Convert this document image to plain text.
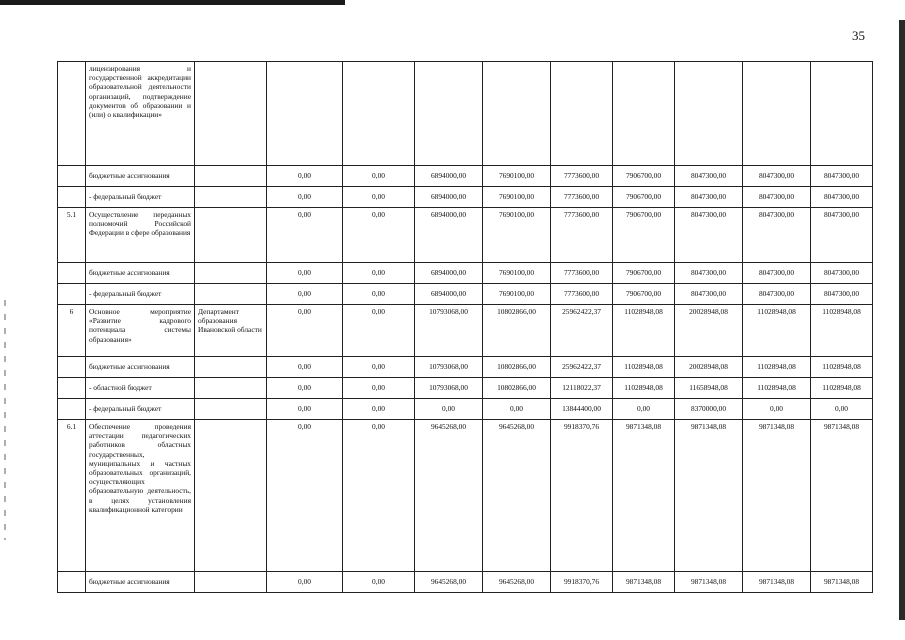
35
	лицензирования и государственной аккредитации образовательной деятельности организаций, подтверждение документов об образовании и (или) о квалификации»										
	бюджетные ассигнования		0,00	0,00	6894000,00	7690100,00	7773600,00	7906700,00	8047300,00	8047300,00	8047300,00
	- федеральный бюджет		0,00	0,00	6894000,00	7690100,00	7773600,00	7906700,00	8047300,00	8047300,00	8047300,00
5.1	Осуществление переданных полномочий Российской Федерации в сфере образования		0,00	0,00	6894000,00	7690100,00	7773600,00	7906700,00	8047300,00	8047300,00	8047300,00
	бюджетные ассигнования		0,00	0,00	6894000,00	7690100,00	7773600,00	7906700,00	8047300,00	8047300,00	8047300,00
	- федеральный бюджет		0,00	0,00	6894000,00	7690100,00	7773600,00	7906700,00	8047300,00	8047300,00	8047300,00
6	Основное мероприятие «Развитие кадрового потенциала системы образования»	Департамент образования Ивановской области	0,00	0,00	10793068,00	10802866,00	25962422,37	11028948,08	20028948,08	11028948,08	11028948,08
	бюджетные ассигнования		0,00	0,00	10793068,00	10802866,00	25962422,37	11028948,08	20028948,08	11028948,08	11028948,08
	- областной бюджет		0,00	0,00	10793068,00	10802866,00	12118022,37	11028948,08	11658948,08	11028948,08	11028948,08
	- федеральный бюджет		0,00	0,00	0,00	0,00	13844400,00	0,00	8370000,00	0,00	0,00
6.1	Обеспечение проведения аттестации педагогических работников областных государственных, муниципальных и частных образовательных организаций, осуществляющих образовательную деятельность, в целях установления квалификационной категории		0,00	0,00	9645268,00	9645268,00	9918370,76	9871348,08	9871348,08	9871348,08	9871348,08
	бюджетные ассигнования		0,00	0,00	9645268,00	9645268,00	9918370,76	9871348,08	9871348,08	9871348,08	9871348,08
